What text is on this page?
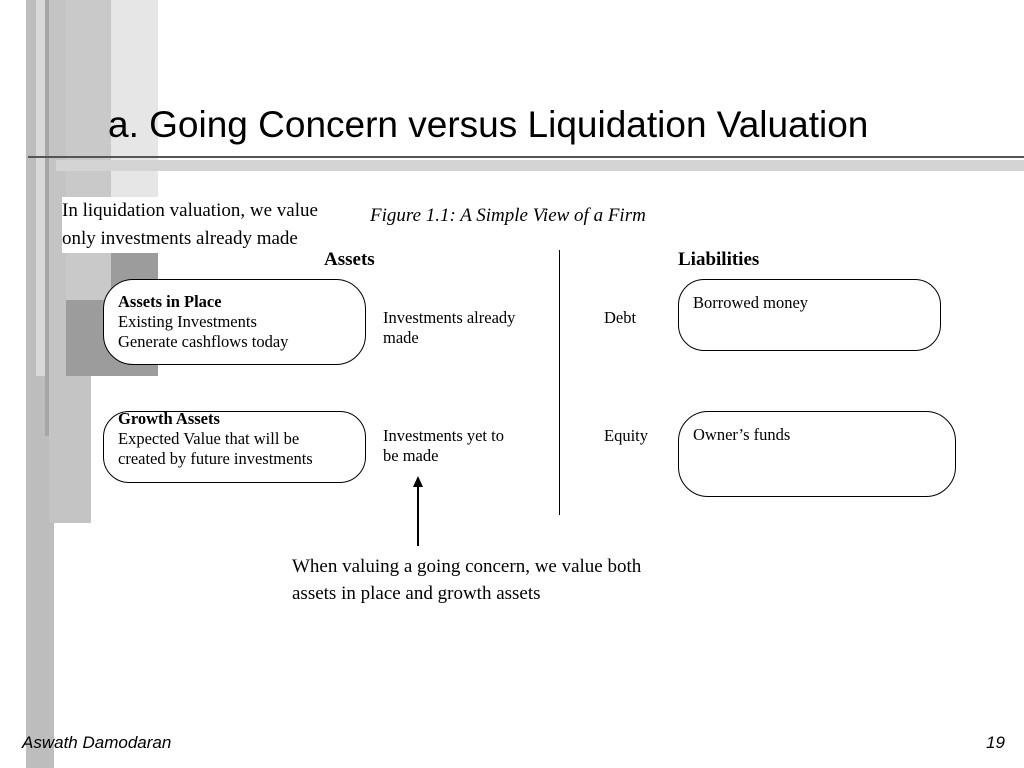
a. Going Concern versus Liquidation Valuation
In liquidation valuation, we value
only investments already made
Figure 1.1: A Simple View of a Firm
Assets	Liabilities
Assets in Place
Existing Investments
Generate cashflows today
Investments already
made
Debt
Borrowed money
Growth Assets
Expected Value that will be
created by future investments
Investments yet to
be made
Equity	Owner’s funds
When valuing a going concern, we value both
assets in place and growth assets
Aswath Damodaran	19
